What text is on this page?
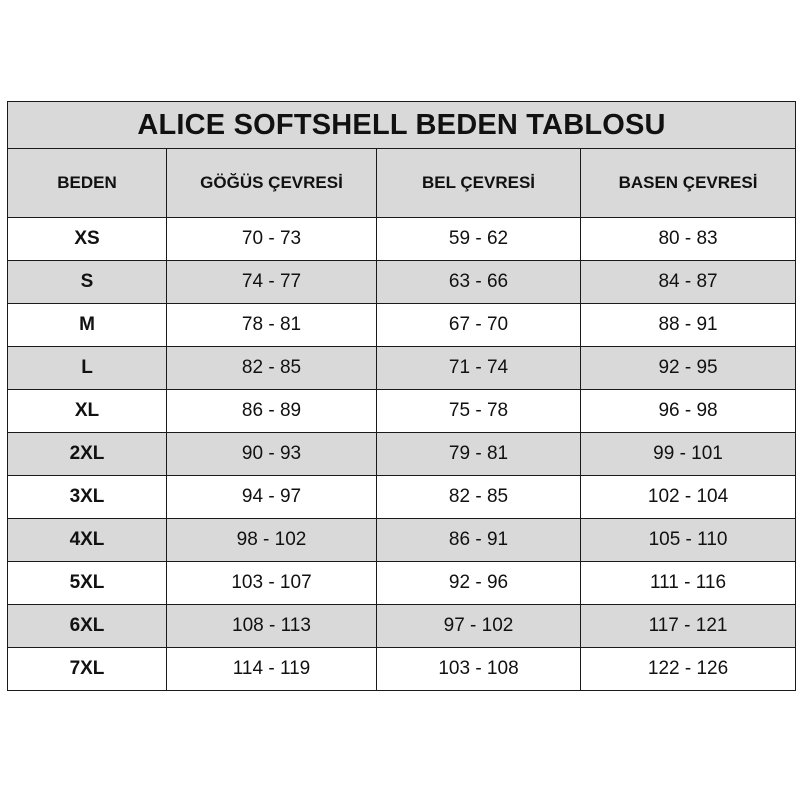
ALICE SOFTSHELL BEDEN TABLOSU			
BEDEN	GÖĞÜS ÇEVRESİ	BEL ÇEVRESİ	BASEN ÇEVRESİ
XS	70 - 73	59 - 62	80 - 83
S	74 - 77	63 - 66	84 - 87
M	78 - 81	67 - 70	88 - 91
L	82 - 85	71 - 74	92 - 95
XL	86 - 89	75 - 78	96 - 98
2XL	90 - 93	79 - 81	99 - 101
3XL	94 - 97	82 - 85	102 - 104
4XL	98 - 102	86 - 91	105 - 110
5XL	103 - 107	92 - 96	111 - 116
6XL	108 - 113	97 - 102	117 - 121
7XL	114 - 119	103 - 108	122 - 126
